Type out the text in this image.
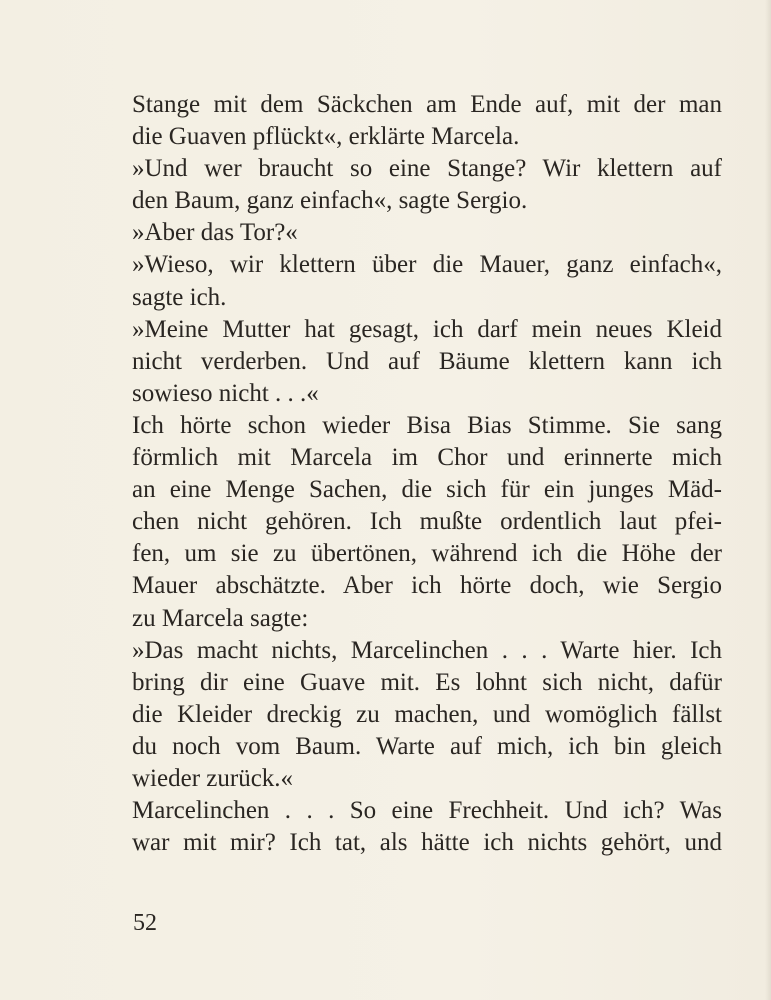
Stange mit dem Säckchen am Ende auf, mit der man
die Guaven pflückt«, erklärte Marcela.
»Und wer braucht so eine Stange? Wir klettern auf
den Baum, ganz einfach«, sagte Sergio.
»Aber das Tor?«
»Wieso, wir klettern über die Mauer, ganz einfach«,
sagte ich.
»Meine Mutter hat gesagt, ich darf mein neues Kleid
nicht verderben. Und auf Bäume klettern kann ich
sowieso nicht . . .«
Ich hörte schon wieder Bisa Bias Stimme. Sie sang
förmlich mit Marcela im Chor und erinnerte mich
an eine Menge Sachen, die sich für ein junges Mäd-
chen nicht gehören. Ich mußte ordentlich laut pfei-
fen, um sie zu übertönen, während ich die Höhe der
Mauer abschätzte. Aber ich hörte doch, wie Sergio
zu Marcela sagte:
»Das macht nichts, Marcelinchen . . . Warte hier. Ich
bring dir eine Guave mit. Es lohnt sich nicht, dafür
die Kleider dreckig zu machen, und womöglich fällst
du noch vom Baum. Warte auf mich, ich bin gleich
wieder zurück.«
Marcelinchen . . . So eine Frechheit. Und ich? Was
war mit mir? Ich tat, als hätte ich nichts gehört, und
52
